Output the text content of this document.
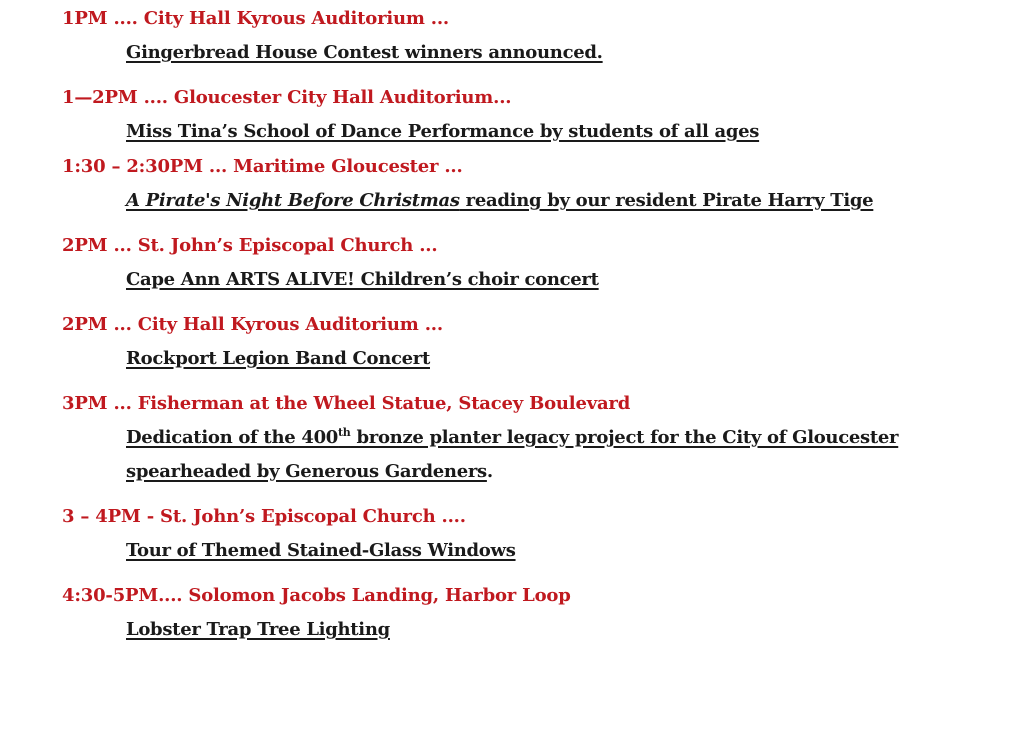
1PM .... City Hall Kyrous Auditorium ...
Gingerbread House Contest winners announced.
1—2PM .... Gloucester City Hall Auditorium...
Miss Tina’s School of Dance Performance by students of all ages
1:30 – 2:30PM ... Maritime Gloucester ...
A Pirate's Night Before Christmas reading by our resident Pirate Harry Tige
2PM ... St. John’s Episcopal Church ...
Cape Ann ARTS ALIVE! Children’s choir concert
2PM ... City Hall Kyrous Auditorium ...
Rockport Legion Band Concert
3PM ... Fisherman at the Wheel Statue, Stacey Boulevard
Dedication of the 400th bronze planter legacy project for the City of Gloucester
spearheaded by Generous Gardeners.
3 – 4PM - St. John’s Episcopal Church ....
Tour of Themed Stained-Glass Windows
4:30-5PM.... Solomon Jacobs Landing, Harbor Loop
Lobster Trap Tree Lighting
